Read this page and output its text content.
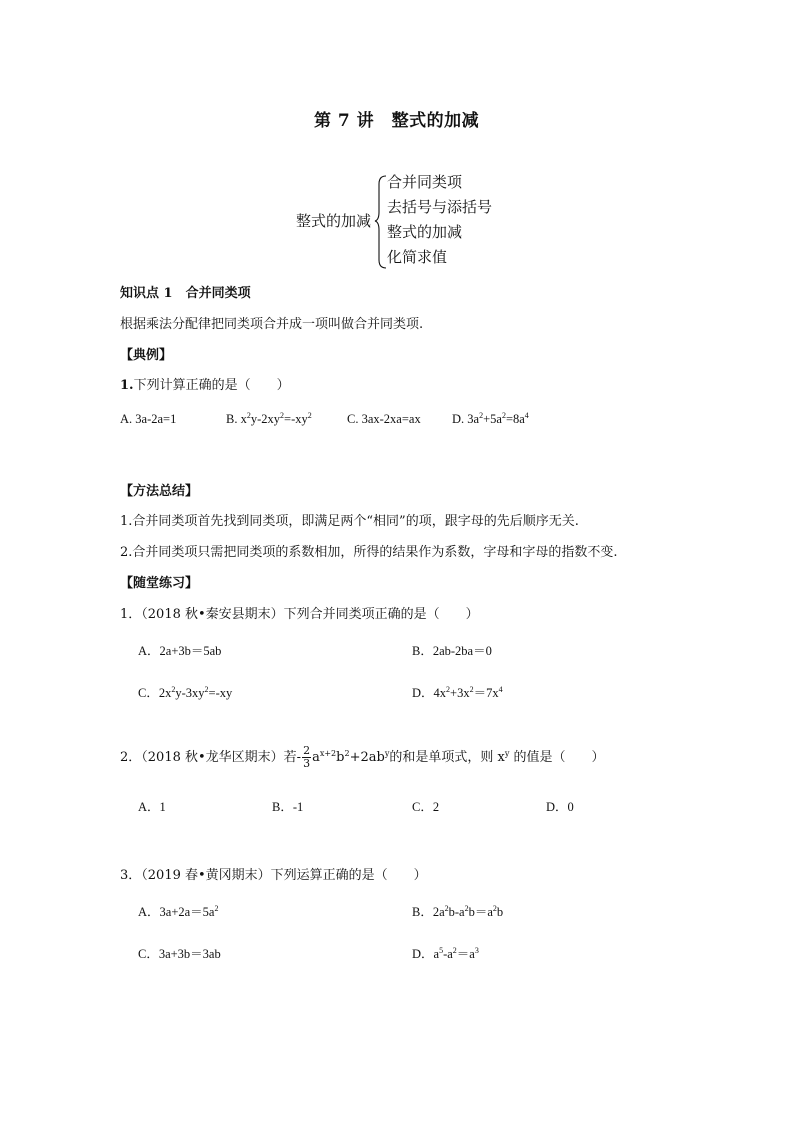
第 7 讲　整式的加减
整式的加减
合并同类项
去括号与添括号
整式的加减
化简求值
知识点 1　合并同类项
根据乘法分配律把同类项合并成一项叫做合并同类项.
【典例】
1.下列计算正确的是（　　）
A. 3a-2a=1	B. $x^2y-2xy^2=-xy^2$	C. 3ax-2xa=ax	D. $3a^2+5a^2=8a^4$
【方法总结】
1.合并同类项首先找到同类项，即满足两个“相同”的项，跟字母的先后顺序无关.
2.合并同类项只需把同类项的系数相加，所得的结果作为系数，字母和字母的指数不变.
【随堂练习】
1．（2018 秋•秦安县期末）下列合并同类项正确的是（　　）
A．2a+3b＝5ab	B．2ab-2ba＝0
C．$2x^2y-3xy^2=-xy$	D．$4x^2+3x^2=7x^4$
2．（2018 秋•龙华区期末）若- $\frac{2}{3} a^{x+2}b^2+2ab^y$的和是单项式，则 $x^y$ 的值是（　　）
A．1	B．-1	C．2	D．0
3．（2019 春•黄冈期末）下列运算正确的是（　　）
A．$3a+2a=5a^2$	B．$2a^2b-a^2b=a^2b$
C．3a+3b＝3ab	D．$a^5-a^2=a^3$
